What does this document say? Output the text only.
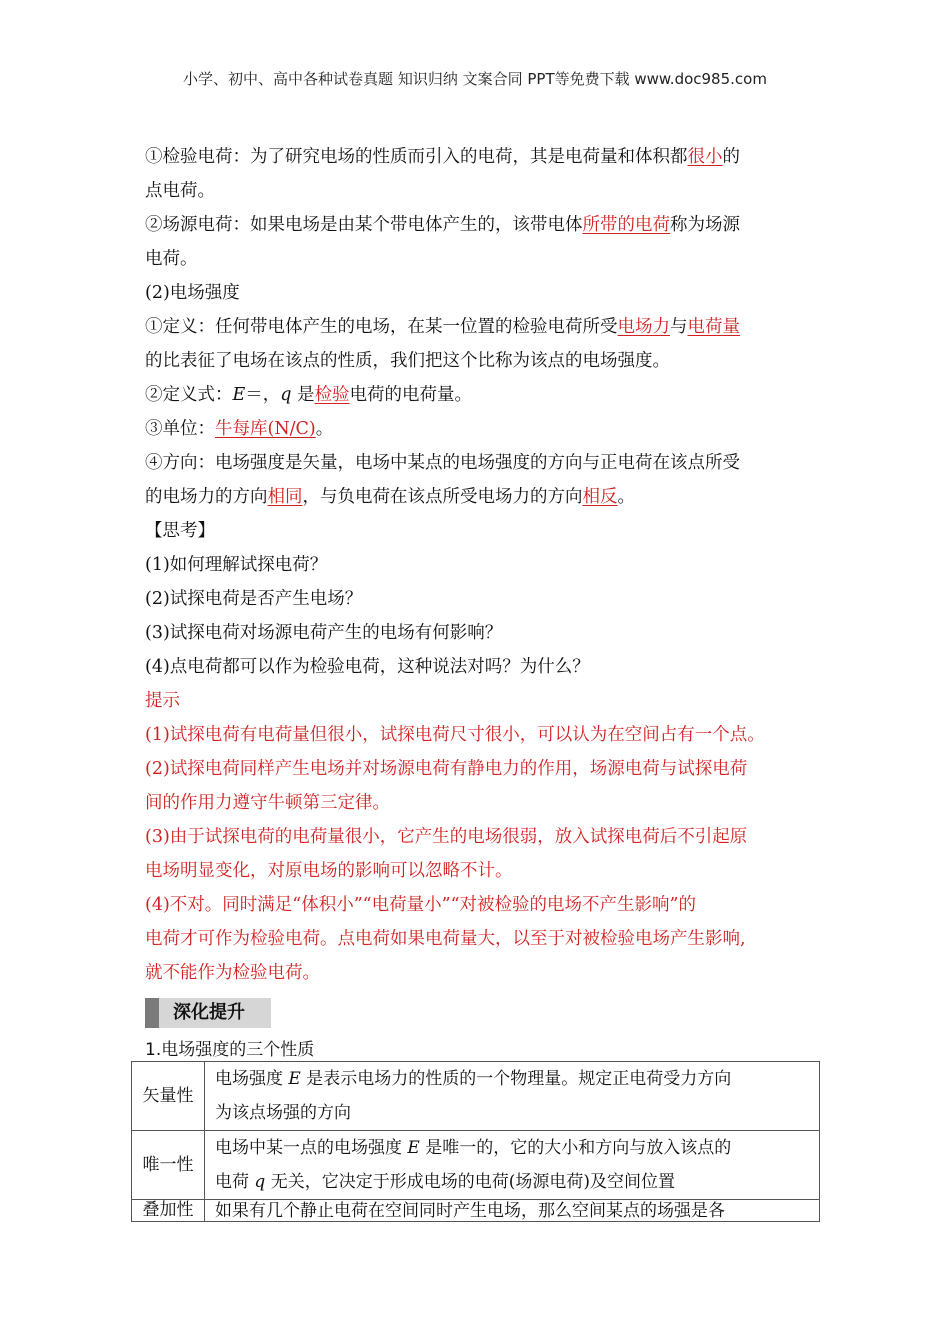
小学、初中、高中各种试卷真题 知识归纳 文案合同 PPT等免费下载 www.doc985.com
①检验电荷：为了研究电场的性质而引入的电荷，其是电荷量和体积都很小的
点电荷。
②场源电荷：如果电场是由某个带电体产生的，该带电体所带的电荷称为场源
电荷。
(2)电场强度
①定义：任何带电体产生的电场，在某一位置的检验电荷所受电场力与电荷量
的比表征了电场在该点的性质，我们把这个比称为该点的电场强度。
②定义式：E＝，q 是检验电荷的电荷量。
③单位：牛每库(N/C)。
④方向：电场强度是矢量，电场中某点的电场强度的方向与正电荷在该点所受
的电场力的方向相同，与负电荷在该点所受电场力的方向相反。
【思考】
(1)如何理解试探电荷？
(2)试探电荷是否产生电场？
(3)试探电荷对场源电荷产生的电场有何影响？
(4)点电荷都可以作为检验电荷，这种说法对吗？为什么？
提示
(1)试探电荷有电荷量但很小，试探电荷尺寸很小，可以认为在空间占有一个点。
(2)试探电荷同样产生电场并对场源电荷有静电力的作用，场源电荷与试探电荷
间的作用力遵守牛顿第三定律。
(3)由于试探电荷的电荷量很小，它产生的电场很弱，放入试探电荷后不引起原
电场明显变化，对原电场的影响可以忽略不计。
(4)不对。同时满足“体积小”“电荷量小”“对被检验的电场不产生影响”的
电荷才可作为检验电荷。点电荷如果电荷量大，以至于对被检验电场产生影响,
就不能作为检验电荷。
深化提升
1.电场强度的三个性质
矢量性	电场强度 E 是表示电场力的性质的一个物理量。规定正电荷受力方向
为该点场强的方向

唯一性	电场中某一点的电场强度 E 是唯一的，它的大小和方向与放入该点的
电荷 q 无关，它决定于形成电场的电荷(场源电荷)及空间位置

叠加性	如果有几个静止电荷在空间同时产生电场，那么空间某点的场强是各
